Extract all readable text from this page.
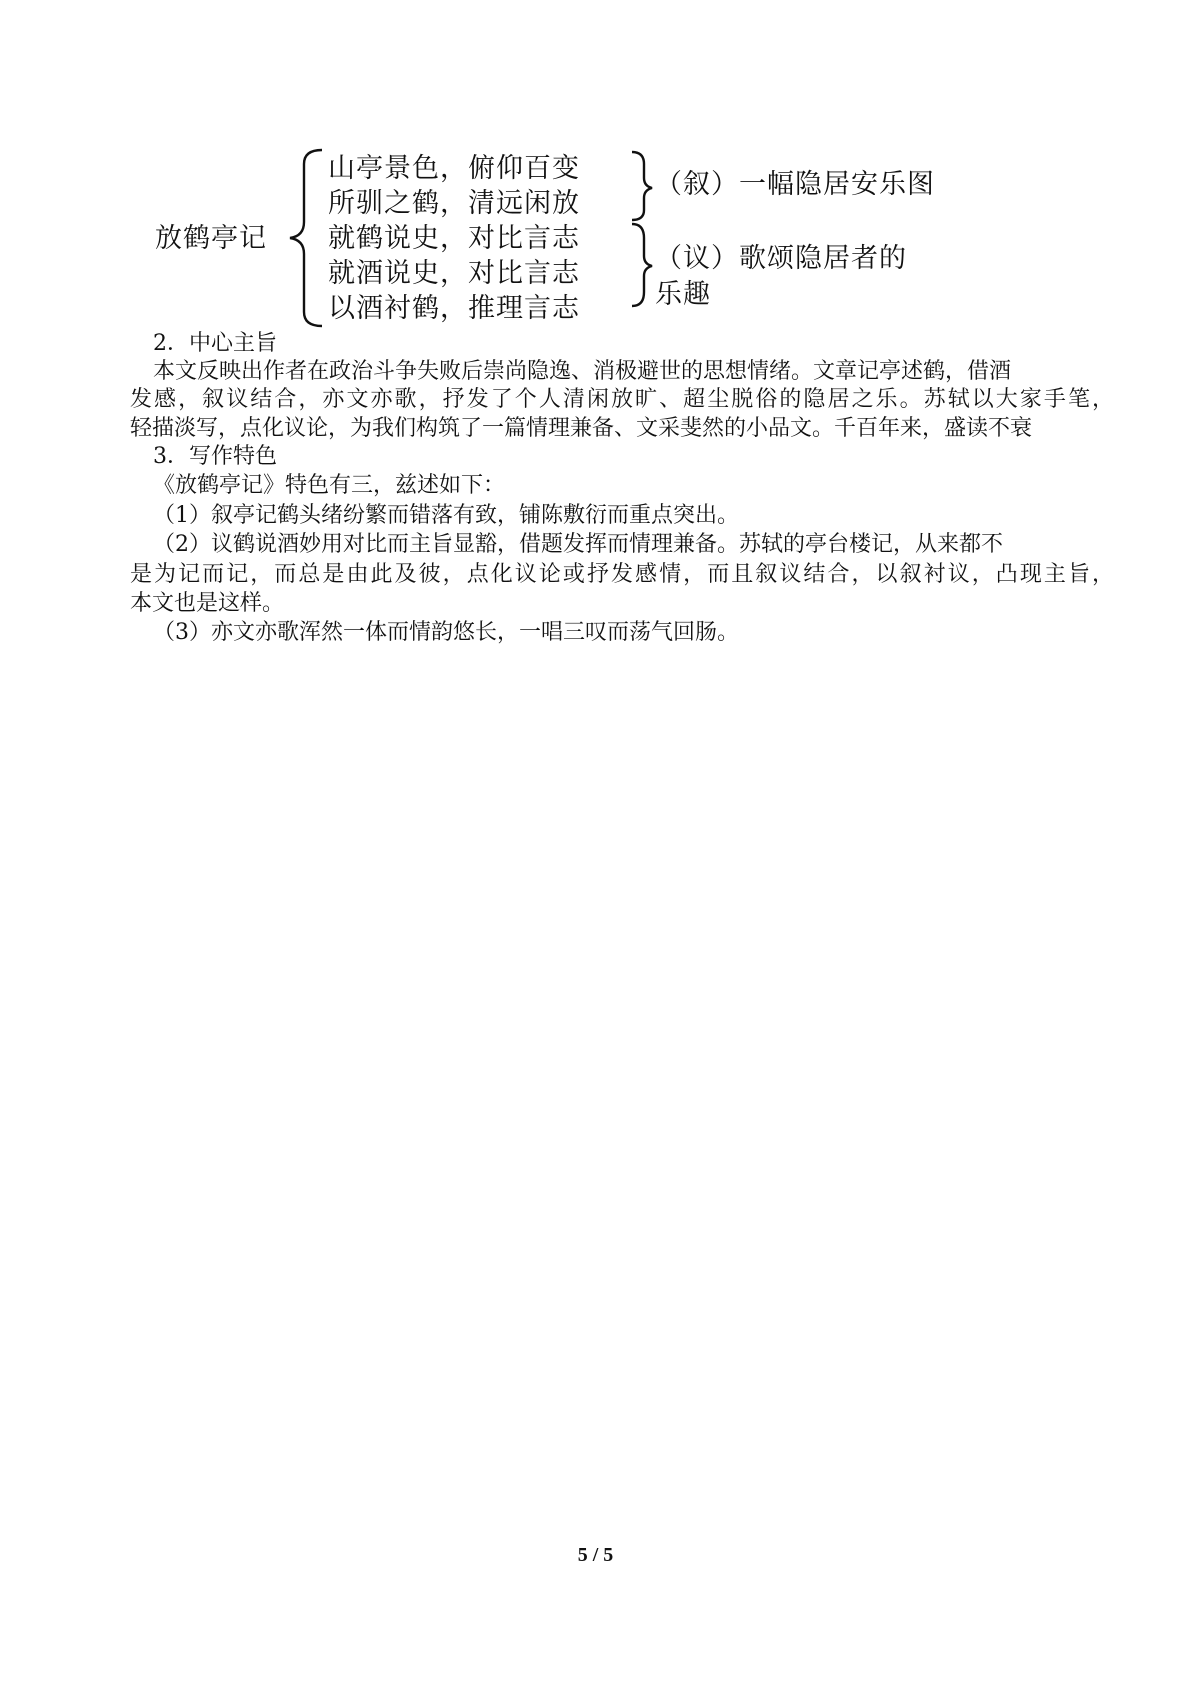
放鹤亭记
山亭景色，俯仰百变
所驯之鹤，清远闲放
就鹤说史，对比言志
就酒说史，对比言志
以酒衬鹤，推理言志
（叙）一幅隐居安乐图
（议）歌颂隐居者的
乐趣
2．中心主旨
本文反映出作者在政治斗争失败后崇尚隐逸、消极避世的思想情绪。文章记亭述鹤，借酒
发感，叙议结合，亦文亦歌，抒发了个人清闲放旷、超尘脱俗的隐居之乐。苏轼以大家手笔，
轻描淡写，点化议论，为我们构筑了一篇情理兼备、文采斐然的小品文。千百年来，盛读不衰
3．写作特色
《放鹤亭记》特色有三，兹述如下：
（1）叙亭记鹤头绪纷繁而错落有致，铺陈敷衍而重点突出。
（2）议鹤说酒妙用对比而主旨显豁，借题发挥而情理兼备。苏轼的亭台楼记，从来都不
是为记而记，而总是由此及彼，点化议论或抒发感情，而且叙议结合，以叙衬议，凸现主旨，
本文也是这样。
（3）亦文亦歌浑然一体而情韵悠长，一唱三叹而荡气回肠。
5 / 5
